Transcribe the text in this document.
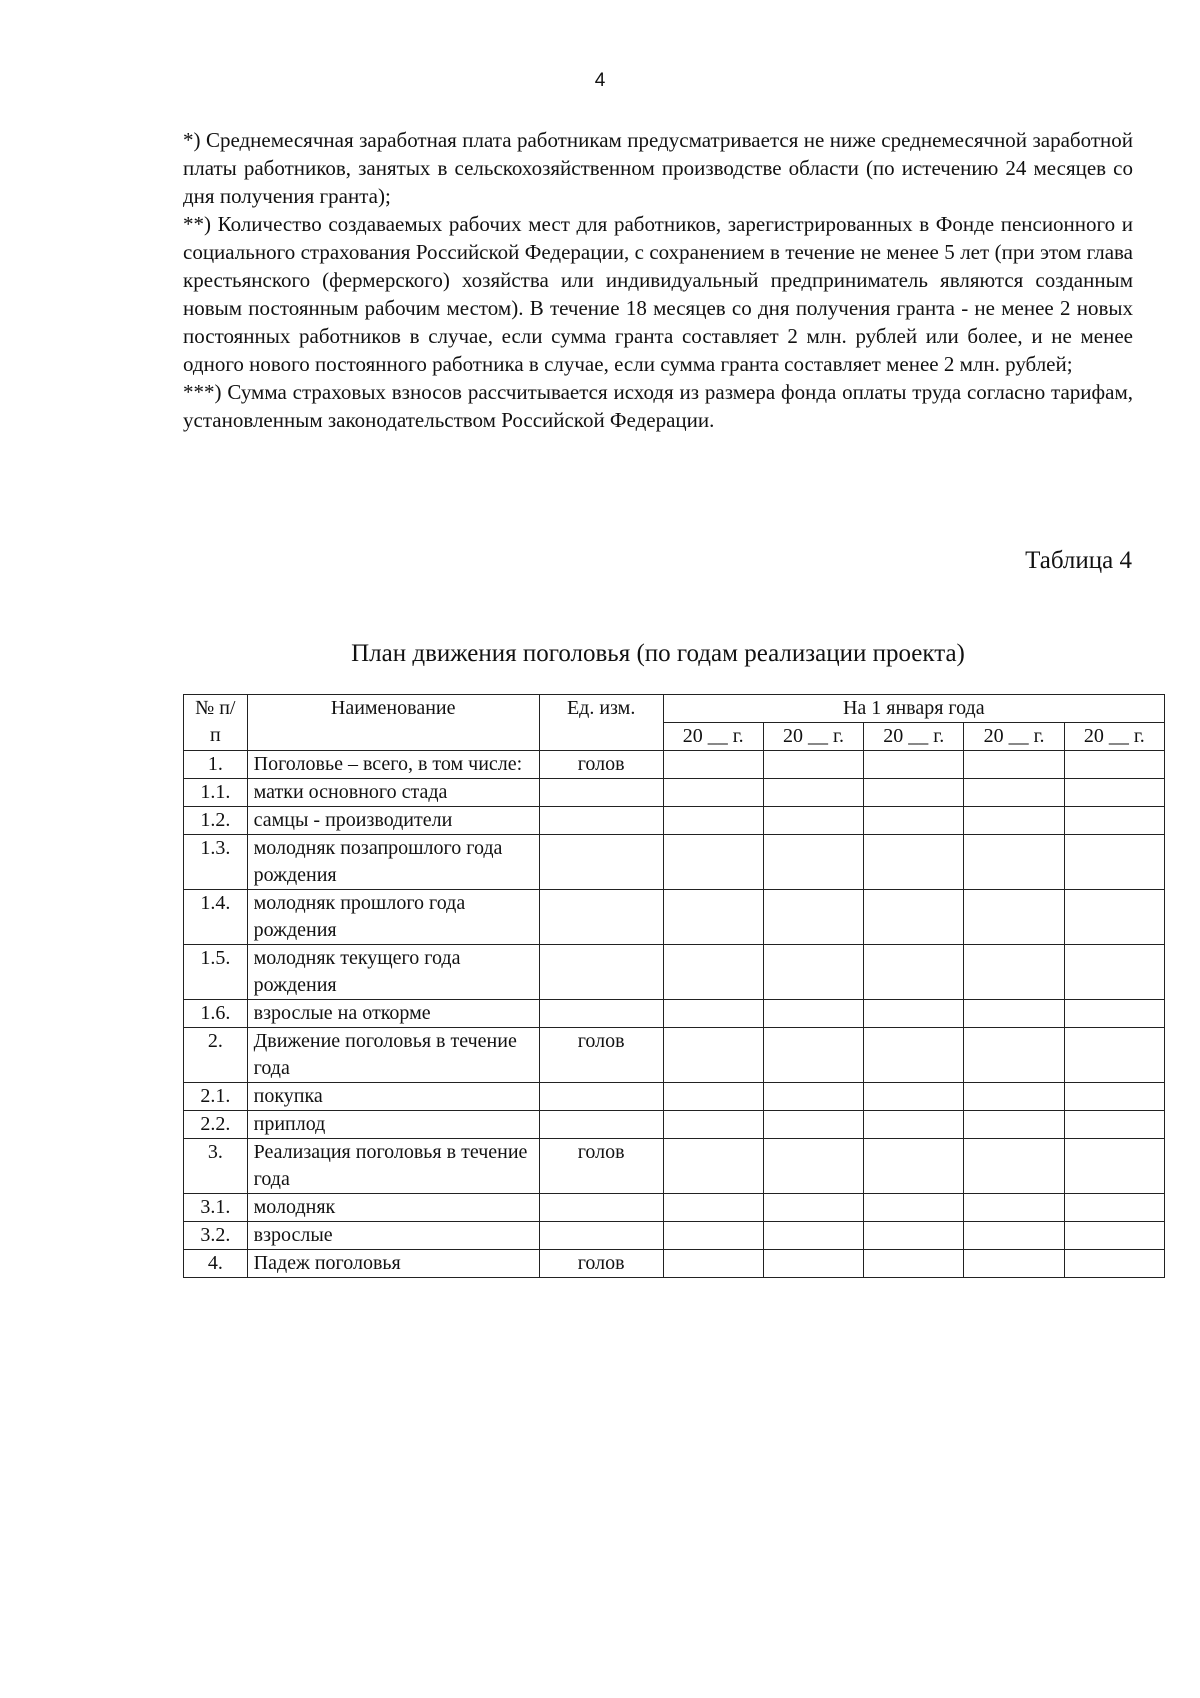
4

*) Среднемесячная заработная плата работникам предусматривается не ниже среднемесячной заработной платы работников, занятых в сельскохозяйственном производстве области (по истечению 24 месяцев со дня получения гранта);

**) Количество создаваемых рабочих мест для работников, зарегистрированных в Фонде пенсионного и социального страхования Российской Федерации, с сохранением в течение не менее 5 лет (при этом глава крестьянского (фермерского) хозяйства или индивидуальный предприниматель являются созданным новым постоянным рабочим местом). В течение 18 месяцев со дня получения гранта - не менее 2 новых постоянных работников в случае, если сумма гранта составляет 2 млн. рублей или более, и не менее одного нового постоянного работника в случае, если сумма гранта составляет менее 2 млн. рублей;

***) Сумма страховых взносов рассчитывается исходя из размера фонда оплаты труда согласно тарифам, установленным законодательством Российской Федерации.

Таблица 4
План движения поголовья (по годам реализации проекта)
№ п/п	Наименование	Ед. изм.	На 1 января года				
			20 __ г.	20 __ г.	20 __ г.	20 __ г.	20 __ г.
1.	Поголовье – всего, в том числе:	голов					
1.1.	матки основного стада						
1.2.	самцы - производители						
1.3.	молодняк позапрошлого года рождения						
1.4.	молодняк прошлого года рождения						
1.5.	молодняк текущего года рождения						
1.6.	взрослые на откорме						
2.	Движение поголовья в течение года	голов					
2.1.	покупка						
2.2.	приплод						
3.	Реализация поголовья в течение года	голов					
3.1.	молодняк						
3.2.	взрослые						
4.	Падеж поголовья	голов					
